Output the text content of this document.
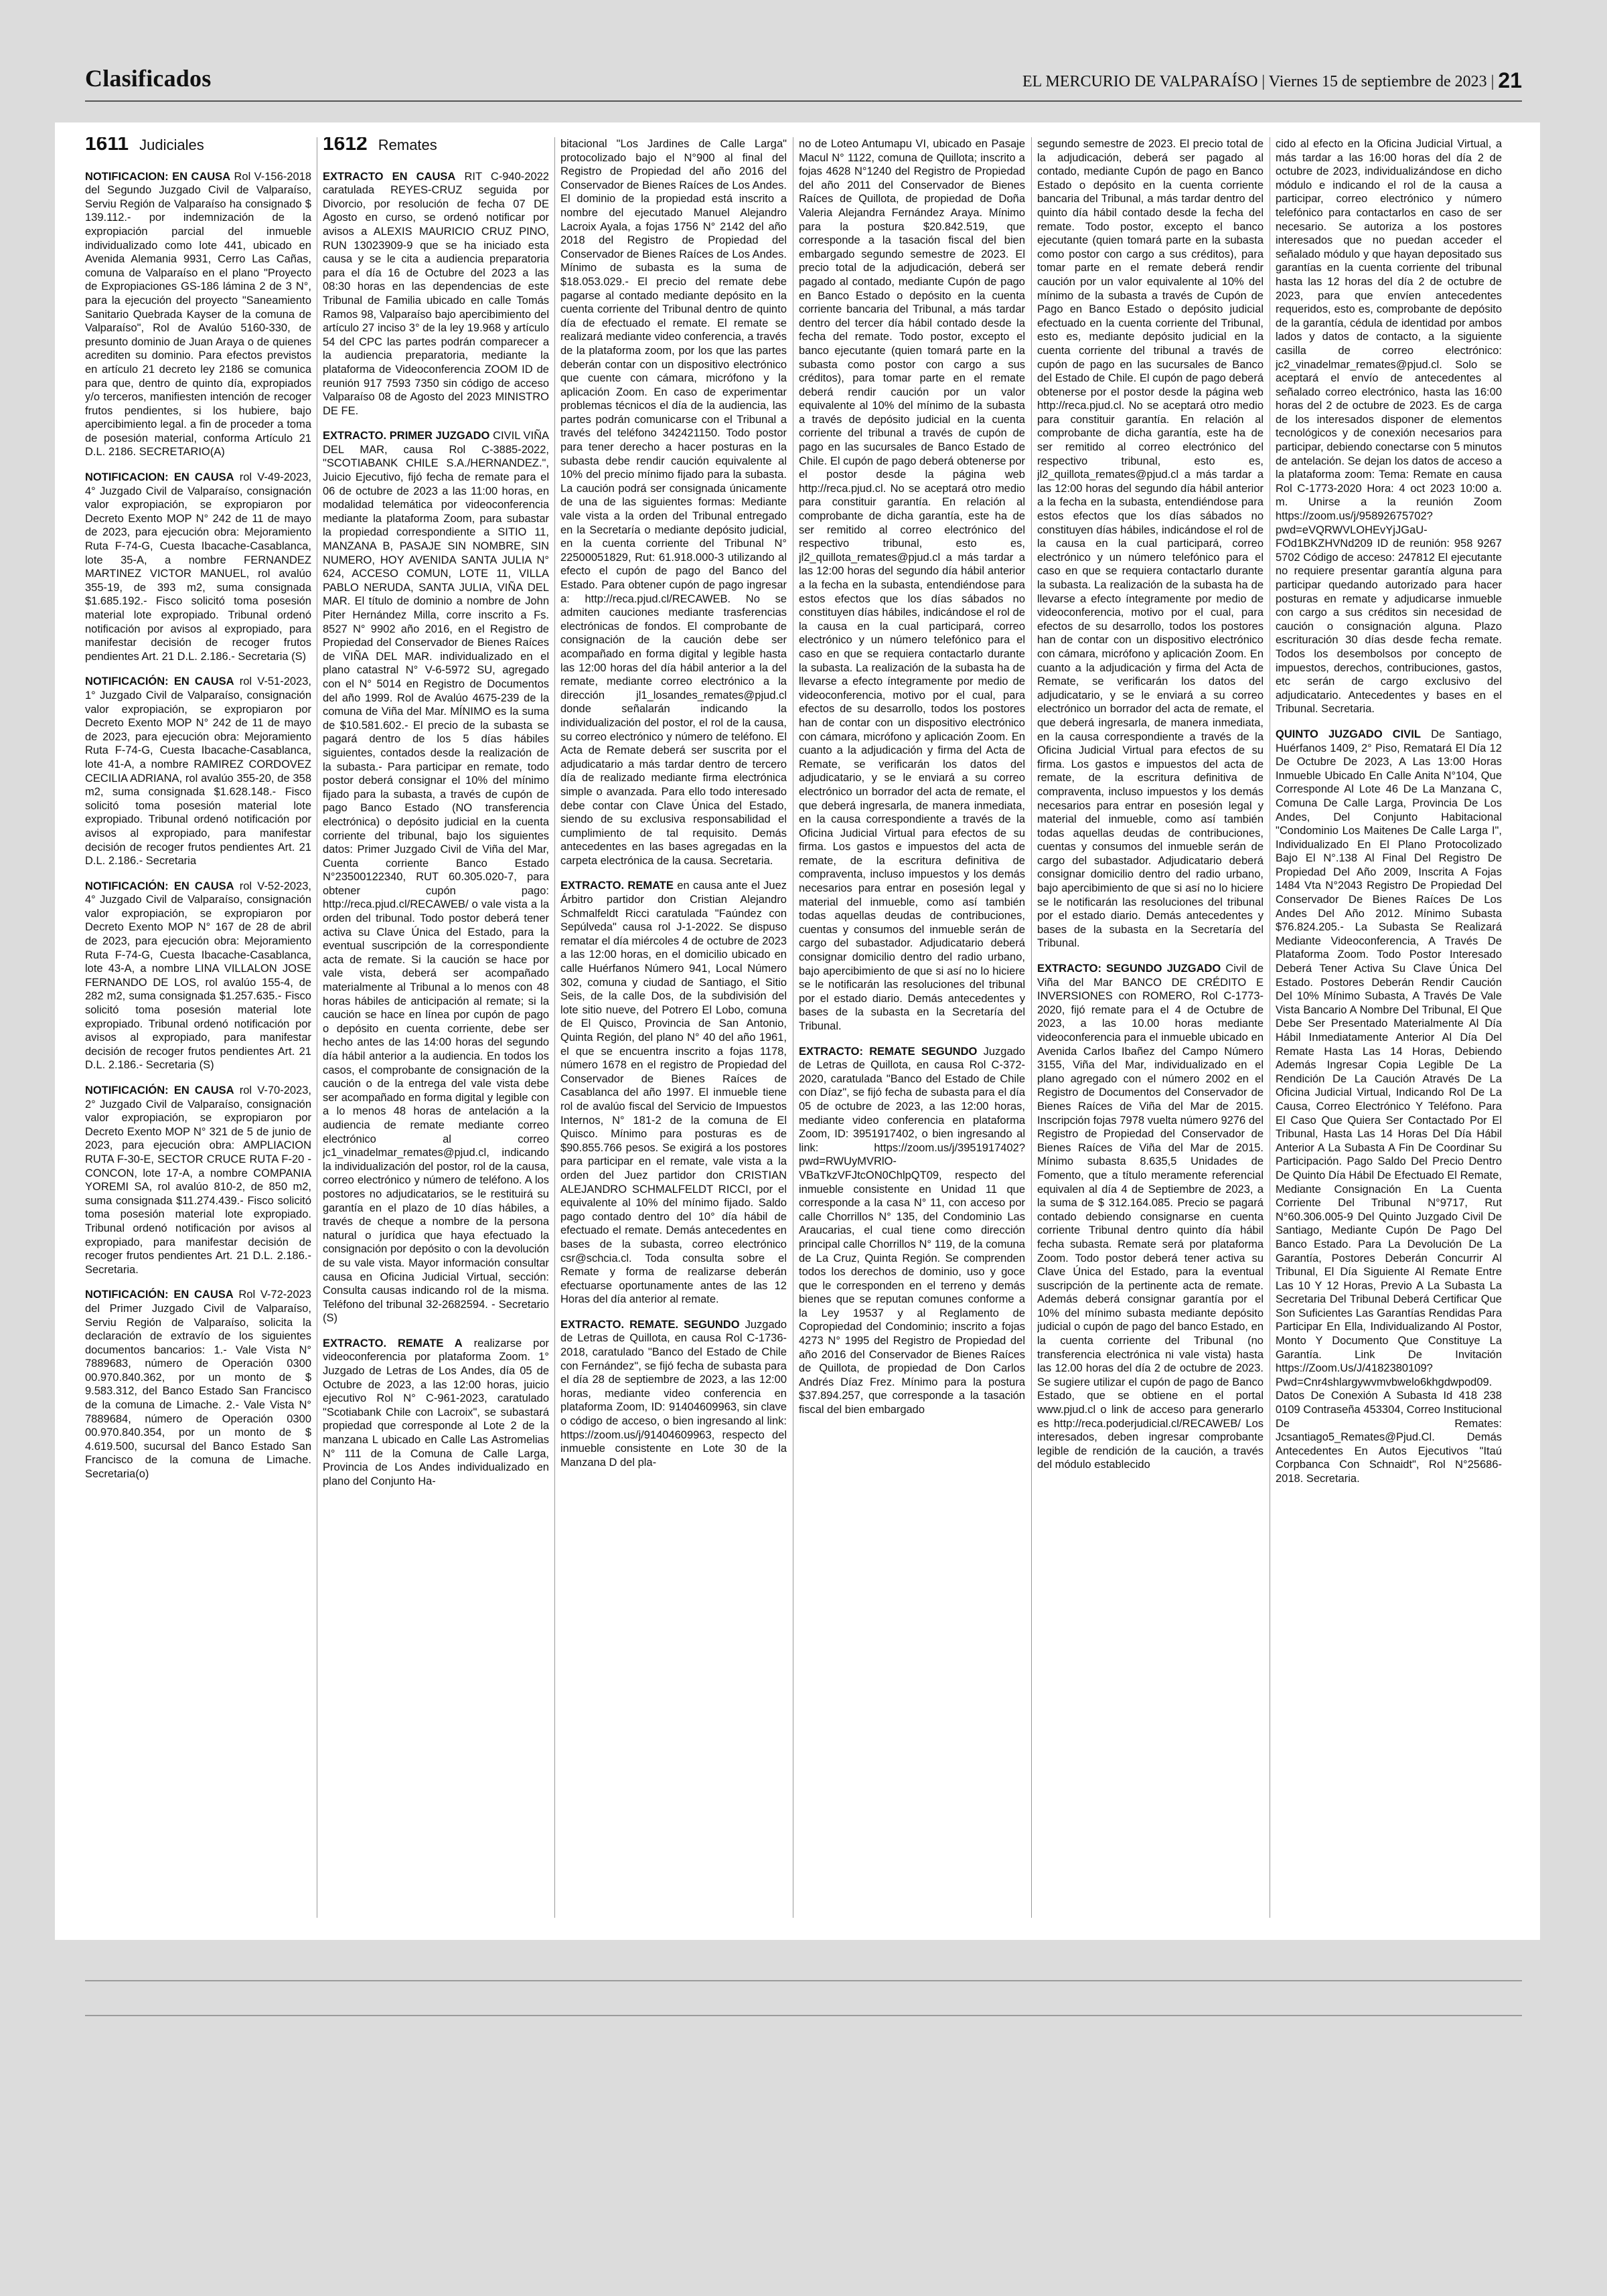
Clasificados	EL MERCURIO DE VALPARAÍSO | Viernes 15 de septiembre de 2023 | 21
1611 Judiciales

NOTIFICACION: EN CAUSA Rol V-156-2018 del Segundo Juzgado Civil de Valparaíso, Serviu Región de Valparaíso ha consignado $ 139.112.- por indemnización de la expropiación parcial del inmueble individualizado como lote 441, ubicado en Avenida Alemania 9931, Cerro Las Cañas, comuna de Valparaíso en el plano "Proyecto de Expropiaciones GS-186 lámina 2 de 3 N°, para la ejecución del proyecto "Saneamiento Sanitario Quebrada Kayser de la comuna de Valparaíso", Rol de Avalúo 5160-330, de presunto dominio de Juan Araya o de quienes acrediten su dominio. Para efectos previstos en artículo 21 decreto ley 2186 se comunica para que, dentro de quinto día, expropiados y/o terceros, manifiesten intención de recoger frutos pendientes, si los hubiere, bajo apercibimiento legal. a fin de proceder a toma de posesión material, conforma Artículo 21 D.L. 2186. SECRETARIO(A)

NOTIFICACION: EN CAUSA rol V-49-2023, 4° Juzgado Civil de Valparaíso, consignación valor expropiación, se expropiaron por Decreto Exento MOP N° 242 de 11 de mayo de 2023, para ejecución obra: Mejoramiento Ruta F-74-G, Cuesta Ibacache-Casablanca, lote 35-A, a nombre FERNANDEZ MARTINEZ VICTOR MANUEL, rol avalúo 355-19, de 393 m2, suma consignada $1.685.192.- Fisco solicitó toma posesión material lote expropiado. Tribunal ordenó notificación por avisos al expropiado, para manifestar decisión de recoger frutos pendientes Art. 21 D.L. 2.186.- Secretaria (S)

NOTIFICACIÓN: EN CAUSA rol V-51-2023, 1° Juzgado Civil de Valparaíso, consignación valor expropiación, se expropiaron por Decreto Exento MOP N° 242 de 11 de mayo de 2023, para ejecución obra: Mejoramiento Ruta F-74-G, Cuesta Ibacache-Casablanca, lote 41-A, a nombre RAMIREZ CORDOVEZ CECILIA ADRIANA, rol avalúo 355-20, de 358 m2, suma consignada $1.628.148.- Fisco solicitó toma posesión material lote expropiado. Tribunal ordenó notificación por avisos al expropiado, para manifestar decisión de recoger frutos pendientes Art. 21 D.L. 2.186.- Secretaria

NOTIFICACIÓN: EN CAUSA rol V-52-2023, 4° Juzgado Civil de Valparaíso, consignación valor expropiación, se expropiaron por Decreto Exento MOP N° 167 de 28 de abril de 2023, para ejecución obra: Mejoramiento Ruta F-74-G, Cuesta Ibacache-Casablanca, lote 43-A, a nombre LINA VILLALON JOSE FERNANDO DE LOS, rol avalúo 155-4, de 282 m2, suma consignada $1.257.635.- Fisco solicitó toma posesión material lote expropiado. Tribunal ordenó notificación por avisos al expropiado, para manifestar decisión de recoger frutos pendientes Art. 21 D.L. 2.186.- Secretaria (S)

NOTIFICACIÓN: EN CAUSA rol V-70-2023, 2° Juzgado Civil de Valparaíso, consignación valor expropiación, se expropiaron por Decreto Exento MOP N° 321 de 5 de junio de 2023, para ejecución obra: AMPLIACION RUTA F-30-E, SECTOR CRUCE RUTA F-20 - CONCON, lote 17-A, a nombre COMPANIA YOREMI SA, rol avalúo 810-2, de 850 m2, suma consignada $11.274.439.- Fisco solicitó toma posesión material lote expropiado. Tribunal ordenó notificación por avisos al expropiado, para manifestar decisión de recoger frutos pendientes Art. 21 D.L. 2.186.- Secretaria.

NOTIFICACIÓN: EN CAUSA Rol V-72-2023 del Primer Juzgado Civil de Valparaíso, Serviu Región de Valparaíso, solicita la declaración de extravío de los siguientes documentos bancarios: 1.- Vale Vista N° 7889683, número de Operación 0300 00.970.840.362, por un monto de $ 9.583.312, del Banco Estado San Francisco de la comuna de Limache. 2.- Vale Vista N° 7889684, número de Operación 0300 00.970.840.354, por un monto de $ 4.619.500, sucursal del Banco Estado San Francisco de la comuna de Limache. Secretaria(o)

1612 Remates

EXTRACTO EN CAUSA RIT C-940-2022 caratulada REYES-CRUZ seguida por Divorcio, por resolución de fecha 07 DE Agosto en curso, se ordenó notificar por avisos a ALEXIS MAURICIO CRUZ PINO, RUN 13023909-9 que se ha iniciado esta causa y se le cita a audiencia preparatoria para el día 16 de Octubre del 2023 a las 08:30 horas en las dependencias de este Tribunal de Familia ubicado en calle Tomás Ramos 98, Valparaíso bajo apercibimiento del artículo 27 inciso 3° de la ley 19.968 y artículo 54 del CPC las partes podrán comparecer a la audiencia preparatoria, mediante la plataforma de Videoconferencia ZOOM ID de reunión 917 7593 7350 sin código de acceso Valparaíso 08 de Agosto del 2023 MINISTRO DE FE.

EXTRACTO. PRIMER JUZGADO CIVIL VIÑA DEL MAR, causa Rol C-3885-2022, "SCOTIABANK CHILE S.A./HERNANDEZ.", Juicio Ejecutivo, fijó fecha de remate para el 06 de octubre de 2023 a las 11:00 horas, en modalidad telemática por videoconferencia mediante la plataforma Zoom, para subastar la propiedad correspondiente a SITIO 11, MANZANA B, PASAJE SIN NOMBRE, SIN NUMERO, HOY AVENIDA SANTA JULIA N° 624, ACCESO COMUN, LOTE 11, VILLA PABLO NERUDA, SANTA JULIA, VIÑA DEL MAR. El título de dominio a nombre de John Piter Hernández Milla, corre inscrito a Fs. 8527 N° 9902 año 2016, en el Registro de Propiedad del Conservador de Bienes Raíces de VIÑA DEL MAR. individualizado en el plano catastral N° V-6-5972 SU, agregado con el N° 5014 en Registro de Documentos del año 1999. Rol de Avalúo 4675-239 de la comuna de Viña del Mar. MÍNIMO es la suma de $10.581.602.- El precio de la subasta se pagará dentro de los 5 días hábiles siguientes, contados desde la realización de la subasta.- Para participar en remate, todo postor deberá consignar el 10% del mínimo fijado para la subasta, a través de cupón de pago Banco Estado (NO transferencia electrónica) o depósito judicial en la cuenta corriente del tribunal, bajo los siguientes datos: Primer Juzgado Civil de Viña del Mar, Cuenta corriente Banco Estado N°23500122340, RUT 60.305.020-7, para obtener cupón pago: http://reca.pjud.cl/RECAWEB/ o vale vista a la orden del tribunal. Todo postor deberá tener activa su Clave Única del Estado, para la eventual suscripción de la correspondiente acta de remate. Si la caución se hace por vale vista, deberá ser acompañado materialmente al Tribunal a lo menos con 48 horas hábiles de anticipación al remate; si la caución se hace en línea por cupón de pago o depósito en cuenta corriente, debe ser hecho antes de las 14:00 horas del segundo día hábil anterior a la audiencia. En todos los casos, el comprobante de consignación de la caución o de la entrega del vale vista debe ser acompañado en forma digital y legible con a lo menos 48 horas de antelación a la audiencia de remate mediante correo electrónico al correo jc1_vinadelmar_remates@pjud.cl, indicando la individualización del postor, rol de la causa, correo electrónico y número de teléfono. A los postores no adjudicatarios, se le restituirá su garantía en el plazo de 10 días hábiles, a través de cheque a nombre de la persona natural o jurídica que haya efectuado la consignación por depósito o con la devolución de su vale vista. Mayor información consultar causa en Oficina Judicial Virtual, sección: Consulta causas indicando rol de la misma. Teléfono del tribunal 32-2682594. - Secretario (S)

EXTRACTO. REMATE A realizarse por videoconferencia por plataforma Zoom. 1° Juzgado de Letras de Los Andes, día 05 de Octubre de 2023, a las 12:00 horas, juicio ejecutivo Rol N° C-961-2023, caratulado "Scotiabank Chile con Lacroix", se subastará propiedad que corresponde al Lote 2 de la manzana L ubicado en Calle Las Astromelias N° 111 de la Comuna de Calle Larga, Provincia de Los Andes individualizado en plano del Conjunto Ha-

bitacional "Los Jardines de Calle Larga" protocolizado bajo el N°900 al final del Registro de Propiedad del año 2016 del Conservador de Bienes Raíces de Los Andes. El dominio de la propiedad está inscrito a nombre del ejecutado Manuel Alejandro Lacroix Ayala, a fojas 1756 N° 2142 del año 2018 del Registro de Propiedad del Conservador de Bienes Raíces de Los Andes. Mínimo de subasta es la suma de $18.053.029.- El precio del remate debe pagarse al contado mediante depósito en la cuenta corriente del Tribunal dentro de quinto día de efectuado el remate. El remate se realizará mediante video conferencia, a través de la plataforma zoom, por los que las partes deberán contar con un dispositivo electrónico que cuente con cámara, micrófono y la aplicación Zoom. En caso de experimentar problemas técnicos el día de la audiencia, las partes podrán comunicarse con el Tribunal a través del teléfono 342421150. Todo postor para tener derecho a hacer posturas en la subasta debe rendir caución equivalente al 10% del precio mínimo fijado para la subasta. La caución podrá ser consignada únicamente de una de las siguientes formas: Mediante vale vista a la orden del Tribunal entregado en la Secretaría o mediante depósito judicial, en la cuenta corriente del Tribunal N° 22500051829, Rut: 61.918.000-3 utilizando al efecto el cupón de pago del Banco del Estado. Para obtener cupón de pago ingresar a: http://reca.pjud.cl/RECAWEB. No se admiten cauciones mediante trasferencias electrónicas de fondos. El comprobante de consignación de la caución debe ser acompañado en forma digital y legible hasta las 12:00 horas del día hábil anterior a la del remate, mediante correo electrónico a la dirección jl1_losandes_remates@pjud.cl donde señalarán indicando la individualización del postor, el rol de la causa, su correo electrónico y número de teléfono. El Acta de Remate deberá ser suscrita por el adjudicatario a más tardar dentro de tercero día de realizado mediante firma electrónica simple o avanzada. Para ello todo interesado debe contar con Clave Única del Estado, siendo de su exclusiva responsabilidad el cumplimiento de tal requisito. Demás antecedentes en las bases agregadas en la carpeta electrónica de la causa. Secretaria.

EXTRACTO. REMATE en causa ante el Juez Árbitro partidor don Cristian Alejandro Schmalfeldt Ricci caratulada "Faúndez con Sepúlveda" causa rol J-1-2022. Se dispuso rematar el día miércoles 4 de octubre de 2023 a las 12:00 horas, en el domicilio ubicado en calle Huérfanos Número 941, Local Número 302, comuna y ciudad de Santiago, el Sitio Seis, de la calle Dos, de la subdivisión del lote sitio nueve, del Potrero El Lobo, comuna de El Quisco, Provincia de San Antonio, Quinta Región, del plano N° 40 del año 1961, el que se encuentra inscrito a fojas 1178, número 1678 en el registro de Propiedad del Conservador de Bienes Raíces de Casablanca del año 1997. El inmueble tiene rol de avalúo fiscal del Servicio de Impuestos Internos, N° 181-2 de la comuna de El Quisco. Mínimo para posturas es de $90.855.766 pesos. Se exigirá a los postores para participar en el remate, vale vista a la orden del Juez partidor don CRISTIAN ALEJANDRO SCHMALFELDT RICCI, por el equivalente al 10% del mínimo fijado. Saldo pago contado dentro del 10° día hábil de efectuado el remate. Demás antecedentes en bases de la subasta, correo electrónico csr@schcia.cl. Toda consulta sobre el Remate y forma de realizarse deberán efectuarse oportunamente antes de las 12 Horas del día anterior al remate.

EXTRACTO. REMATE. SEGUNDO Juzgado de Letras de Quillota, en causa Rol C-1736-2018, caratulado "Banco del Estado de Chile con Fernández", se fijó fecha de subasta para el día 28 de septiembre de 2023, a las 12:00 horas, mediante video conferencia en plataforma Zoom, ID: 91404609963, sin clave o código de acceso, o bien ingresando al link: https://zoom.us/j/91404609963, respecto del inmueble consistente en Lote 30 de la Manzana D del pla-

no de Loteo Antumapu VI, ubicado en Pasaje Macul N° 1122, comuna de Quillota; inscrito a fojas 4628 N°1240 del Registro de Propiedad del año 2011 del Conservador de Bienes Raíces de Quillota, de propiedad de Doña Valeria Alejandra Fernández Araya. Mínimo para la postura $20.842.519, que corresponde a la tasación fiscal del bien embargado segundo semestre de 2023. El precio total de la adjudicación, deberá ser pagado al contado, mediante Cupón de pago en Banco Estado o depósito en la cuenta corriente bancaria del Tribunal, a más tardar dentro del tercer día hábil contado desde la fecha del remate. Todo postor, excepto el banco ejecutante (quien tomará parte en la subasta como postor con cargo a sus créditos), para tomar parte en el remate deberá rendir caución por un valor equivalente al 10% del mínimo de la subasta a través de depósito judicial en la cuenta corriente del tribunal a través de cupón de pago en las sucursales de Banco Estado de Chile. El cupón de pago deberá obtenerse por el postor desde la página web http://reca.pjud.cl. No se aceptará otro medio para constituir garantía. En relación al comprobante de dicha garantía, este ha de ser remitido al correo electrónico del respectivo tribunal, esto es, jl2_quillota_remates@pjud.cl a más tardar a las 12:00 horas del segundo día hábil anterior a la fecha en la subasta, entendiéndose para estos efectos que los días sábados no constituyen días hábiles, indicándose el rol de la causa en la cual participará, correo electrónico y un número telefónico para el caso en que se requiera contactarlo durante la subasta. La realización de la subasta ha de llevarse a efecto íntegramente por medio de videoconferencia, motivo por el cual, para efectos de su desarrollo, todos los postores han de contar con un dispositivo electrónico con cámara, micrófono y aplicación Zoom. En cuanto a la adjudicación y firma del Acta de Remate, se verificarán los datos del adjudicatario, y se le enviará a su correo electrónico un borrador del acta de remate, el que deberá ingresarla, de manera inmediata, en la causa correspondiente a través de la Oficina Judicial Virtual para efectos de su firma. Los gastos e impuestos del acta de remate, de la escritura definitiva de compraventa, incluso impuestos y los demás necesarios para entrar en posesión legal y material del inmueble, como así también todas aquellas deudas de contribuciones, cuentas y consumos del inmueble serán de cargo del subastador. Adjudicatario deberá consignar domicilio dentro del radio urbano, bajo apercibimiento de que si así no lo hiciere se le notificarán las resoluciones del tribunal por el estado diario. Demás antecedentes y bases de la subasta en la Secretaría del Tribunal.

EXTRACTO: REMATE SEGUNDO Juzgado de Letras de Quillota, en causa Rol C-372-2020, caratulada "Banco del Estado de Chile con Díaz", se fijó fecha de subasta para el día 05 de octubre de 2023, a las 12:00 horas, mediante video conferencia en plataforma Zoom, ID: 3951917402, o bien ingresando al link: https://zoom.us/j/3951917402?pwd=RWUyMVRlO-VBaTkzVFJtcON0ChlpQT09, respecto del inmueble consistente en Unidad 11 que corresponde a la casa N° 11, con acceso por calle Chorrillos N° 135, del Condominio Las Araucarias, el cual tiene como dirección principal calle Chorrillos N° 119, de la comuna de La Cruz, Quinta Región. Se comprenden todos los derechos de dominio, uso y goce que le corresponden en el terreno y demás bienes que se reputan comunes conforme a la Ley 19537 y al Reglamento de Copropiedad del Condominio; inscrito a fojas 4273 N° 1995 del Registro de Propiedad del año 2016 del Conservador de Bienes Raíces de Quillota, de propiedad de Don Carlos Andrés Díaz Frez. Mínimo para la postura $37.894.257, que corresponde a la tasación fiscal del bien embargado

segundo semestre de 2023. El precio total de la adjudicación, deberá ser pagado al contado, mediante Cupón de pago en Banco Estado o depósito en la cuenta corriente bancaria del Tribunal, a más tardar dentro del quinto día hábil contado desde la fecha del remate. Todo postor, excepto el banco ejecutante (quien tomará parte en la subasta como postor con cargo a sus créditos), para tomar parte en el remate deberá rendir caución por un valor equivalente al 10% del mínimo de la subasta a través de Cupón de Pago en Banco Estado o depósito judicial efectuado en la cuenta corriente del Tribunal, esto es, mediante depósito judicial en la cuenta corriente del tribunal a través de cupón de pago en las sucursales de Banco del Estado de Chile. El cupón de pago deberá obtenerse por el postor desde la página web http://reca.pjud.cl. No se aceptará otro medio para constituir garantía. En relación al comprobante de dicha garantía, este ha de ser remitido al correo electrónico del respectivo tribunal, esto es, jl2_quillota_remates@pjud.cl a más tardar a las 12:00 horas del segundo día hábil anterior a la fecha en la subasta, entendiéndose para estos efectos que los días sábados no constituyen días hábiles, indicándose el rol de la causa en la cual participará, correo electrónico y un número telefónico para el caso en que se requiera contactarlo durante la subasta. La realización de la subasta ha de llevarse a efecto íntegramente por medio de videoconferencia, motivo por el cual, para efectos de su desarrollo, todos los postores han de contar con un dispositivo electrónico con cámara, micrófono y aplicación Zoom. En cuanto a la adjudicación y firma del Acta de Remate, se verificarán los datos del adjudicatario, y se le enviará a su correo electrónico un borrador del acta de remate, el que deberá ingresarla, de manera inmediata, en la causa correspondiente a través de la Oficina Judicial Virtual para efectos de su firma. Los gastos e impuestos del acta de remate, de la escritura definitiva de compraventa, incluso impuestos y los demás necesarios para entrar en posesión legal y material del inmueble, como así también todas aquellas deudas de contribuciones, cuentas y consumos del inmueble serán de cargo del subastador. Adjudicatario deberá consignar domicilio dentro del radio urbano, bajo apercibimiento de que si así no lo hiciere se le notificarán las resoluciones del tribunal por el estado diario. Demás antecedentes y bases de la subasta en la Secretaría del Tribunal.

EXTRACTO: SEGUNDO JUZGADO Civil de Viña del Mar BANCO DE CRÉDITO E INVERSIONES con ROMERO, Rol C-1773-2020, fijó remate para el 4 de Octubre de 2023, a las 10.00 horas mediante videoconferencia para el inmueble ubicado en Avenida Carlos Ibañez del Campo Número 3155, Viña del Mar, individualizado en el plano agregado con el número 2002 en el Registro de Documentos del Conservador de Bienes Raíces de Viña del Mar de 2015. Inscripción fojas 7978 vuelta número 9276 del Registro de Propiedad del Conservador de Bienes Raíces de Viña del Mar de 2015. Mínimo subasta 8.635,5 Unidades de Fomento, que a título meramente referencial equivalen al día 4 de Septiembre de 2023, a la suma de $ 312.164.085. Precio se pagará contado debiendo consignarse en cuenta corriente Tribunal dentro quinto día hábil fecha subasta. Remate será por plataforma Zoom. Todo postor deberá tener activa su Clave Única del Estado, para la eventual suscripción de la pertinente acta de remate. Además deberá consignar garantía por el 10% del mínimo subasta mediante depósito judicial o cupón de pago del banco Estado, en la cuenta corriente del Tribunal (no transferencia electrónica ni vale vista) hasta las 12.00 horas del día 2 de octubre de 2023. Se sugiere utilizar el cupón de pago de Banco Estado, que se obtiene en el portal www.pjud.cl o link de acceso para generarlo es http://reca.poderjudicial.cl/RECAWEB/ Los interesados, deben ingresar comprobante legible de rendición de la caución, a través del módulo establecido

cido al efecto en la Oficina Judicial Virtual, a más tardar a las 16:00 horas del día 2 de octubre de 2023, individualizándose en dicho módulo e indicando el rol de la causa a participar, correo electrónico y número telefónico para contactarlos en caso de ser necesario. Se autoriza a los postores interesados que no puedan acceder el señalado módulo y que hayan depositado sus garantías en la cuenta corriente del tribunal hasta las 12 horas del día 2 de octubre de 2023, para que envíen antecedentes requeridos, esto es, comprobante de depósito de la garantía, cédula de identidad por ambos lados y datos de contacto, a la siguiente casilla de correo electrónico: jc2_vinadelmar_remates@pjud.cl. Solo se aceptará el envío de antecedentes al señalado correo electrónico, hasta las 16:00 horas del 2 de octubre de 2023. Es de carga de los interesados disponer de elementos tecnológicos y de conexión necesarios para participar, debiendo conectarse con 5 minutos de antelación. Se dejan los datos de acceso a la plataforma zoom: Tema: Remate en causa Rol C-1773-2020 Hora: 4 oct 2023 10:00 a. m. Unirse a la reunión Zoom https://zoom.us/j/95892675702?pwd=eVQRWVLOHEvYjJGaU-FOd1BKZHVNd209 ID de reunión: 958 9267 5702 Código de acceso: 247812 El ejecutante no requiere presentar garantía alguna para participar quedando autorizado para hacer posturas en remate y adjudicarse inmueble con cargo a sus créditos sin necesidad de caución o consignación alguna. Plazo escrituración 30 días desde fecha remate. Todos los desembolsos por concepto de impuestos, derechos, contribuciones, gastos, etc serán de cargo exclusivo del adjudicatario. Antecedentes y bases en el Tribunal. Secretaria.

QUINTO JUZGADO CIVIL De Santiago, Huérfanos 1409, 2° Piso, Rematará El Día 12 De Octubre De 2023, A Las 13:00 Horas Inmueble Ubicado En Calle Anita N°104, Que Corresponde Al Lote 46 De La Manzana C, Comuna De Calle Larga, Provincia De Los Andes, Del Conjunto Habitacional "Condominio Los Maitenes De Calle Larga I", Individualizado En El Plano Protocolizado Bajo El N°.138 Al Final Del Registro De Propiedad Del Año 2009, Inscrita A Fojas 1484 Vta N°2043 Registro De Propiedad Del Conservador De Bienes Raíces De Los Andes Del Año 2012. Mínimo Subasta $76.824.205.- La Subasta Se Realizará Mediante Videoconferencia, A Través De Plataforma Zoom. Todo Postor Interesado Deberá Tener Activa Su Clave Única Del Estado. Postores Deberán Rendir Caución Del 10% Mínimo Subasta, A Través De Vale Vista Bancario A Nombre Del Tribunal, El Que Debe Ser Presentado Materialmente Al Día Hábil Inmediatamente Anterior Al Día Del Remate Hasta Las 14 Horas, Debiendo Además Ingresar Copia Legible De La Rendición De La Caución Através De La Oficina Judicial Virtual, Indicando Rol De La Causa, Correo Electrónico Y Teléfono. Para El Caso Que Quiera Ser Contactado Por El Tribunal, Hasta Las 14 Horas Del Día Hábil Anterior A La Subasta A Fin De Coordinar Su Participación. Pago Saldo Del Precio Dentro De Quinto Día Hábil De Efectuado El Remate, Mediante Consignación En La Cuenta Corriente Del Tribunal N°9717, Rut N°60.306.005-9 Del Quinto Juzgado Civil De Santiago, Mediante Cupón De Pago Del Banco Estado. Para La Devolución De La Garantía, Postores Deberán Concurrir Al Tribunal, El Día Siguiente Al Remate Entre Las 10 Y 12 Horas, Previo A La Subasta La Secretaria Del Tribunal Deberá Certificar Que Son Suficientes Las Garantías Rendidas Para Participar En Ella, Individualizando Al Postor, Monto Y Documento Que Constituye La Garantía. Link De Invitación https://Zoom.Us/J/4182380109?Pwd=Cnr4shlargywvmvbwelo6khgdwpod09. Datos De Conexión A Subasta Id 418 238 0109 Contraseña 453304, Correo Institucional De Remates: Jcsantiago5_Remates@Pjud.Cl. Demás Antecedentes En Autos Ejecutivos "Itaú Corpbanca Con Schnaidt", Rol N°25686-2018. Secretaria.
